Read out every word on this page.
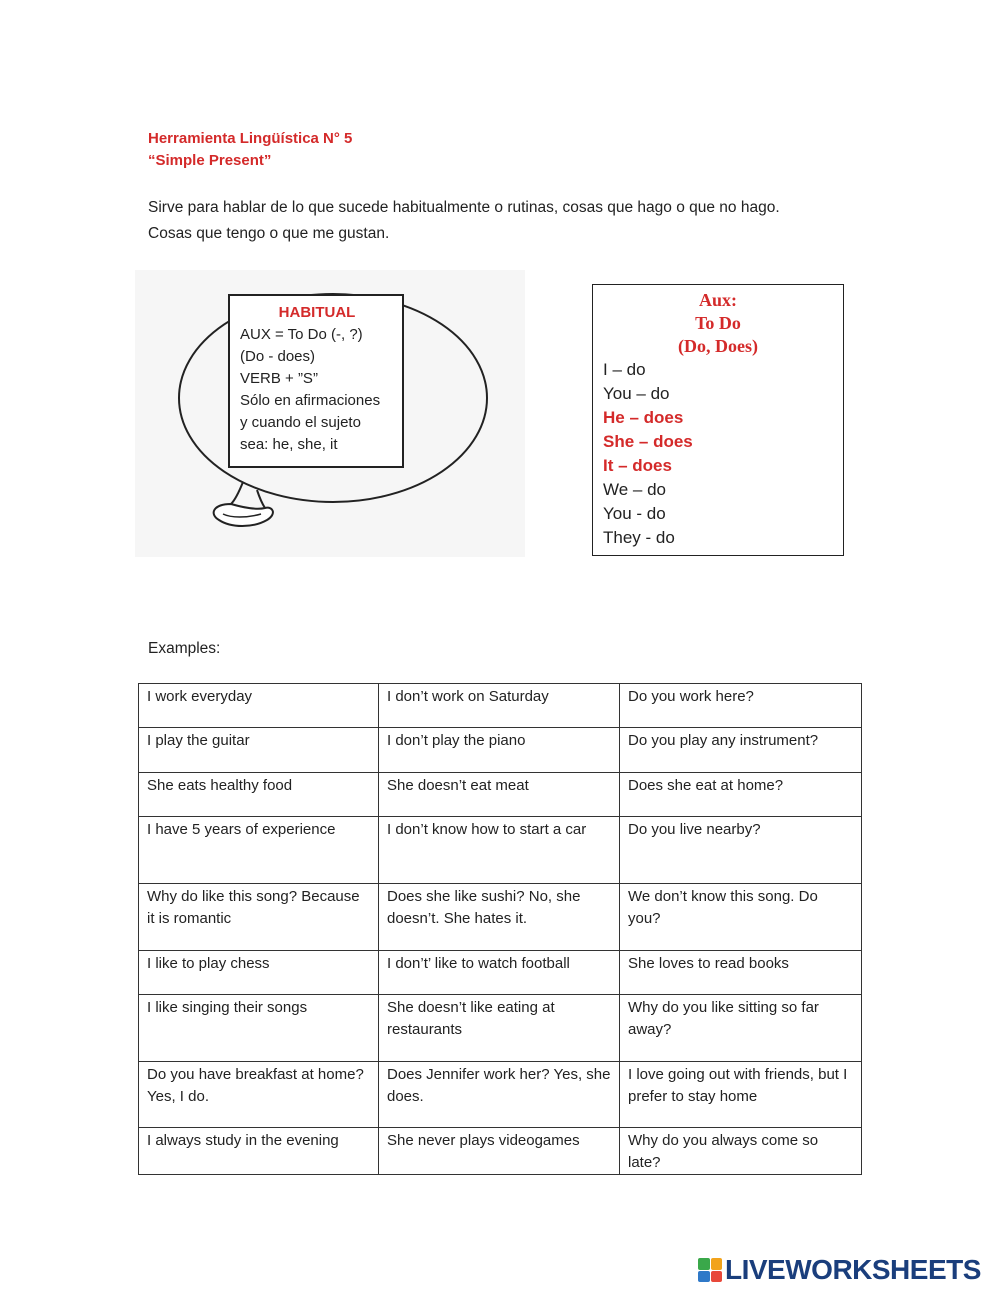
Herramienta Lingüística N° 5
“Simple Present”
Sirve para hablar de lo que sucede habitualmente o rutinas, cosas que hago o que no hago.
Cosas que tengo o que me gustan.
HABITUAL
AUX = To Do (-, ?)
(Do - does)
VERB + ”S”
Sólo en afirmaciones
y cuando el sujeto
sea: he, she, it
Aux:
To Do
(Do, Does)
I – do
You – do
He – does
She – does
It – does
We – do
You - do
They - do
Examples:
I work everyday	I don’t work on Saturday	Do you work here?
I play the guitar	I don’t play the piano	Do you play any instrument?
She eats healthy food	She doesn’t eat meat	Does she eat at home?
I have 5 years of experience	I don’t know how to start a car	Do you live nearby?
Why do like this song? Because it is romantic	Does she like sushi? No, she doesn’t. She hates it.	We don’t know this song. Do you?
I like to play chess	I don’t’ like to watch football	She loves to read books
I like singing their songs	She doesn’t like eating at restaurants	Why do you like sitting so far away?
Do you have breakfast at home? Yes, I do.	Does Jennifer work her? Yes, she does.	I love going out with friends, but I prefer to stay home
I always study in the evening	She never plays videogames	Why do you always come so late?
LIVEWORKSHEETS
